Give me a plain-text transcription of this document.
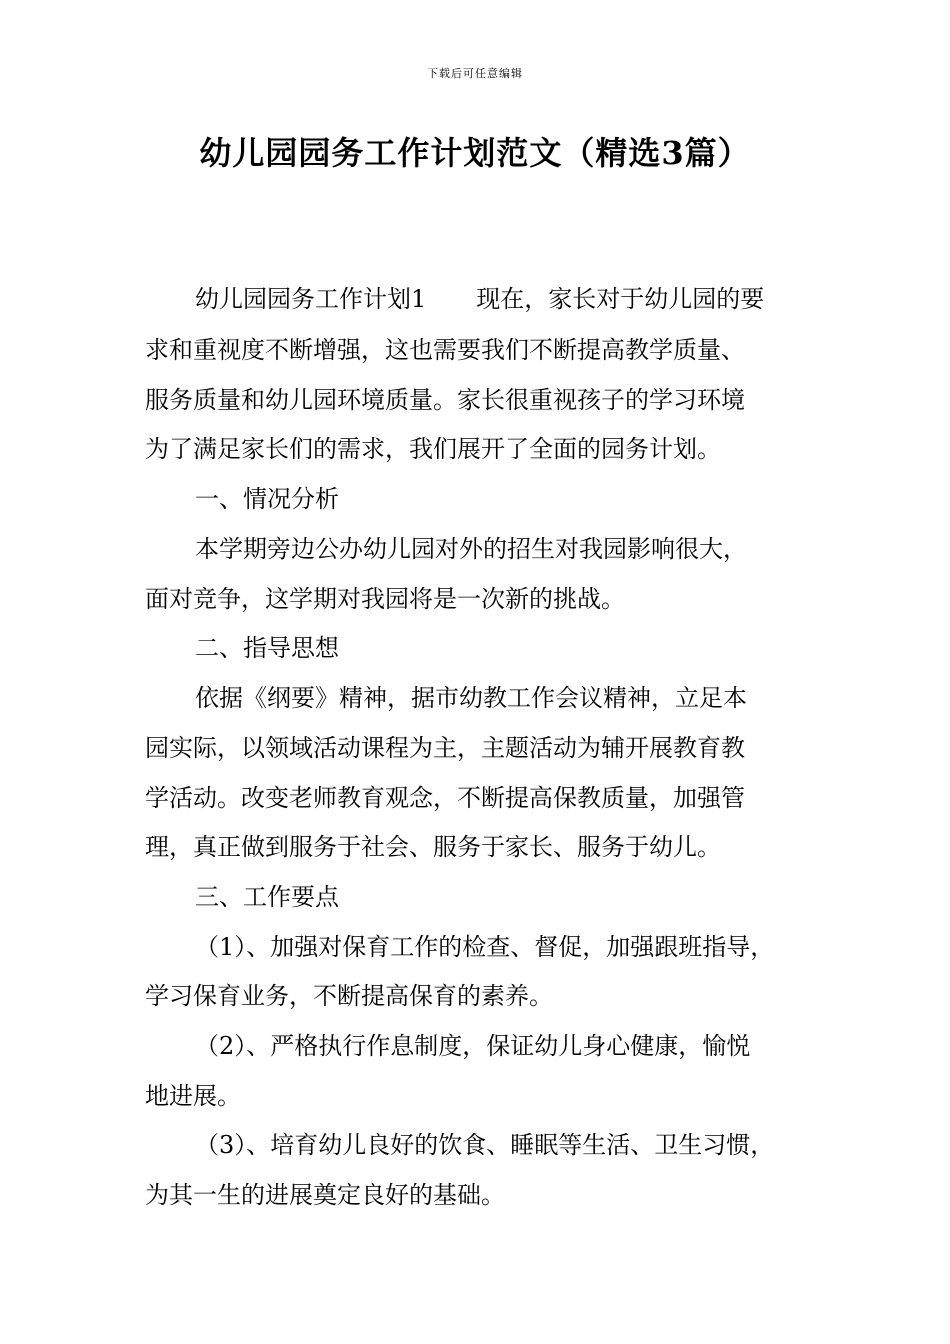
下载后可任意编辑
幼儿园园务工作计划范文（精选3篇）
幼儿园园务工作计划1 现在，家长对于幼儿园的要
求和重视度不断增强，这也需要我们不断提高教学质量、
服务质量和幼儿园环境质量。家长很重视孩子的学习环境
为了满足家长们的需求，我们展开了全面的园务计划。
一、情况分析
本学期旁边公办幼儿园对外的招生对我园影响很大，
面对竞争，这学期对我园将是一次新的挑战。
二、指导思想
依据《纲要》精神，据市幼教工作会议精神，立足本
园实际，以领域活动课程为主，主题活动为辅开展教育教
学活动。改变老师教育观念，不断提高保教质量，加强管
理，真正做到服务于社会、服务于家长、服务于幼儿。
三、工作要点
（1）、加强对保育工作的检查、督促，加强跟班指导，
学习保育业务，不断提高保育的素养。
（2）、严格执行作息制度，保证幼儿身心健康，愉悦
地进展。
（3）、培育幼儿良好的饮食、睡眠等生活、卫生习惯，
为其一生的进展奠定良好的基础。
